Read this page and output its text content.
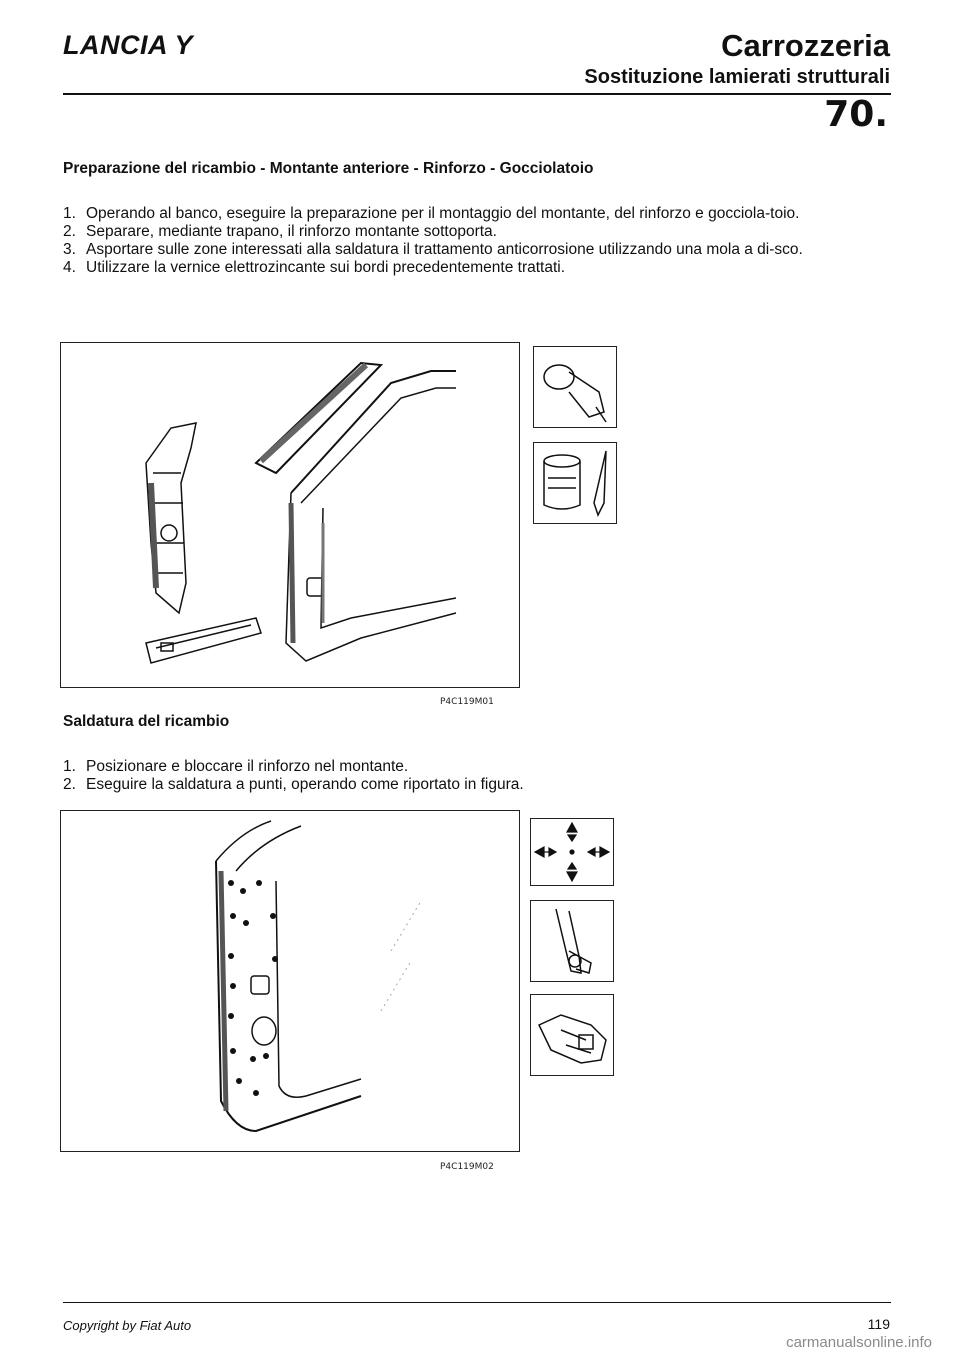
LANCIA Y	Carrozzeria
Sostituzione lamierati strutturali
70.
Preparazione del ricambio - Montante anteriore - Rinforzo - Gocciolatoio
1. Operando al banco, eseguire la preparazione per il montaggio del montante, del rinforzo e gocciola-toio.
2. Separare, mediante trapano, il rinforzo montante sottoporta.
3. Asportare sulle zone interessati alla saldatura il trattamento anticorrosione utilizzando una mola a di-sco.
4. Utilizzare la vernice elettrozincante sui bordi precedentemente trattati.
P4C119M01
Saldatura del ricambio
1. Posizionare e bloccare il rinforzo nel montante.
2. Eseguire la saldatura a punti, operando come riportato in figura.
P4C119M02
Copyright by Fiat Auto	119
carmanualsonline.info
